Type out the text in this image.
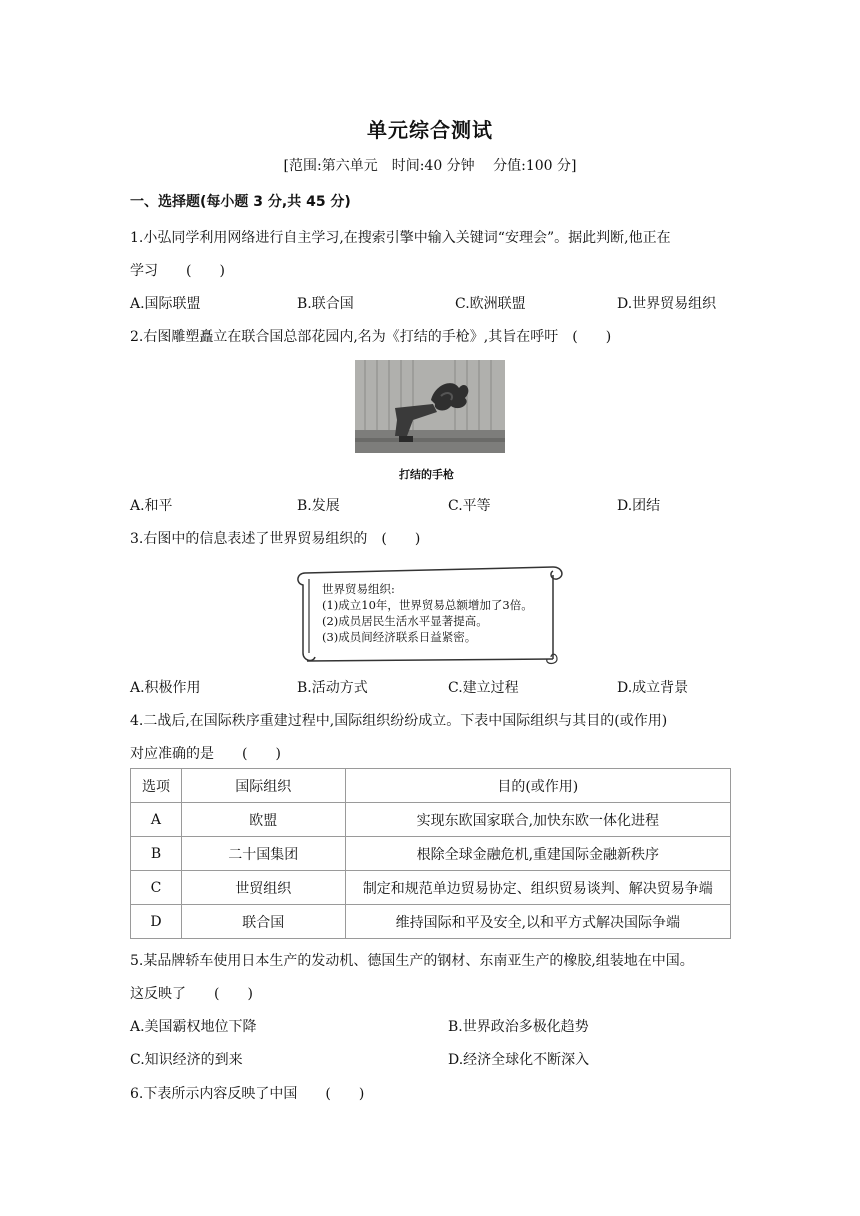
单元综合测试
[范围:第六单元　时间:40 分钟　 分值:100 分]
一、选择题(每小题 3 分,共 45 分)
1.小弘同学利用网络进行自主学习,在搜索引擎中输入关键词“安理会”。据此判断,他正在
学习　　(　　)
A.国际联盟	B.联合国	C.欧洲联盟	D.世界贸易组织
2.右图雕塑矗立在联合国总部花园内,名为《打结的手枪》,其旨在呼吁　(　　)
打结的手枪
A.和平	B.发展	C.平等	D.团结
3.右图中的信息表述了世界贸易组织的　(　　)
世界贸易组织:
(1)成立10年，世界贸易总额增加了3倍。
(2)成员居民生活水平显著提高。
(3)成员间经济联系日益紧密。
A.积极作用	B.活动方式	C.建立过程	D.成立背景
4.二战后,在国际秩序重建过程中,国际组织纷纷成立。下表中国际组织与其目的(或作用)
对应准确的是　　(　　)
选项	国际组织	目的(或作用)
A	欧盟	实现东欧国家联合,加快东欧一体化进程
B	二十国集团	根除全球金融危机,重建国际金融新秩序
C	世贸组织	制定和规范单边贸易协定、组织贸易谈判、解决贸易争端
D	联合国	维持国际和平及安全,以和平方式解决国际争端
5.某品牌轿车使用日本生产的发动机、德国生产的钢材、东南亚生产的橡胶,组装地在中国。
这反映了　　(　　)
A.美国霸权地位下降	B.世界政治多极化趋势
C.知识经济的到来	D.经济全球化不断深入
6.下表所示内容反映了中国　　(　　)
